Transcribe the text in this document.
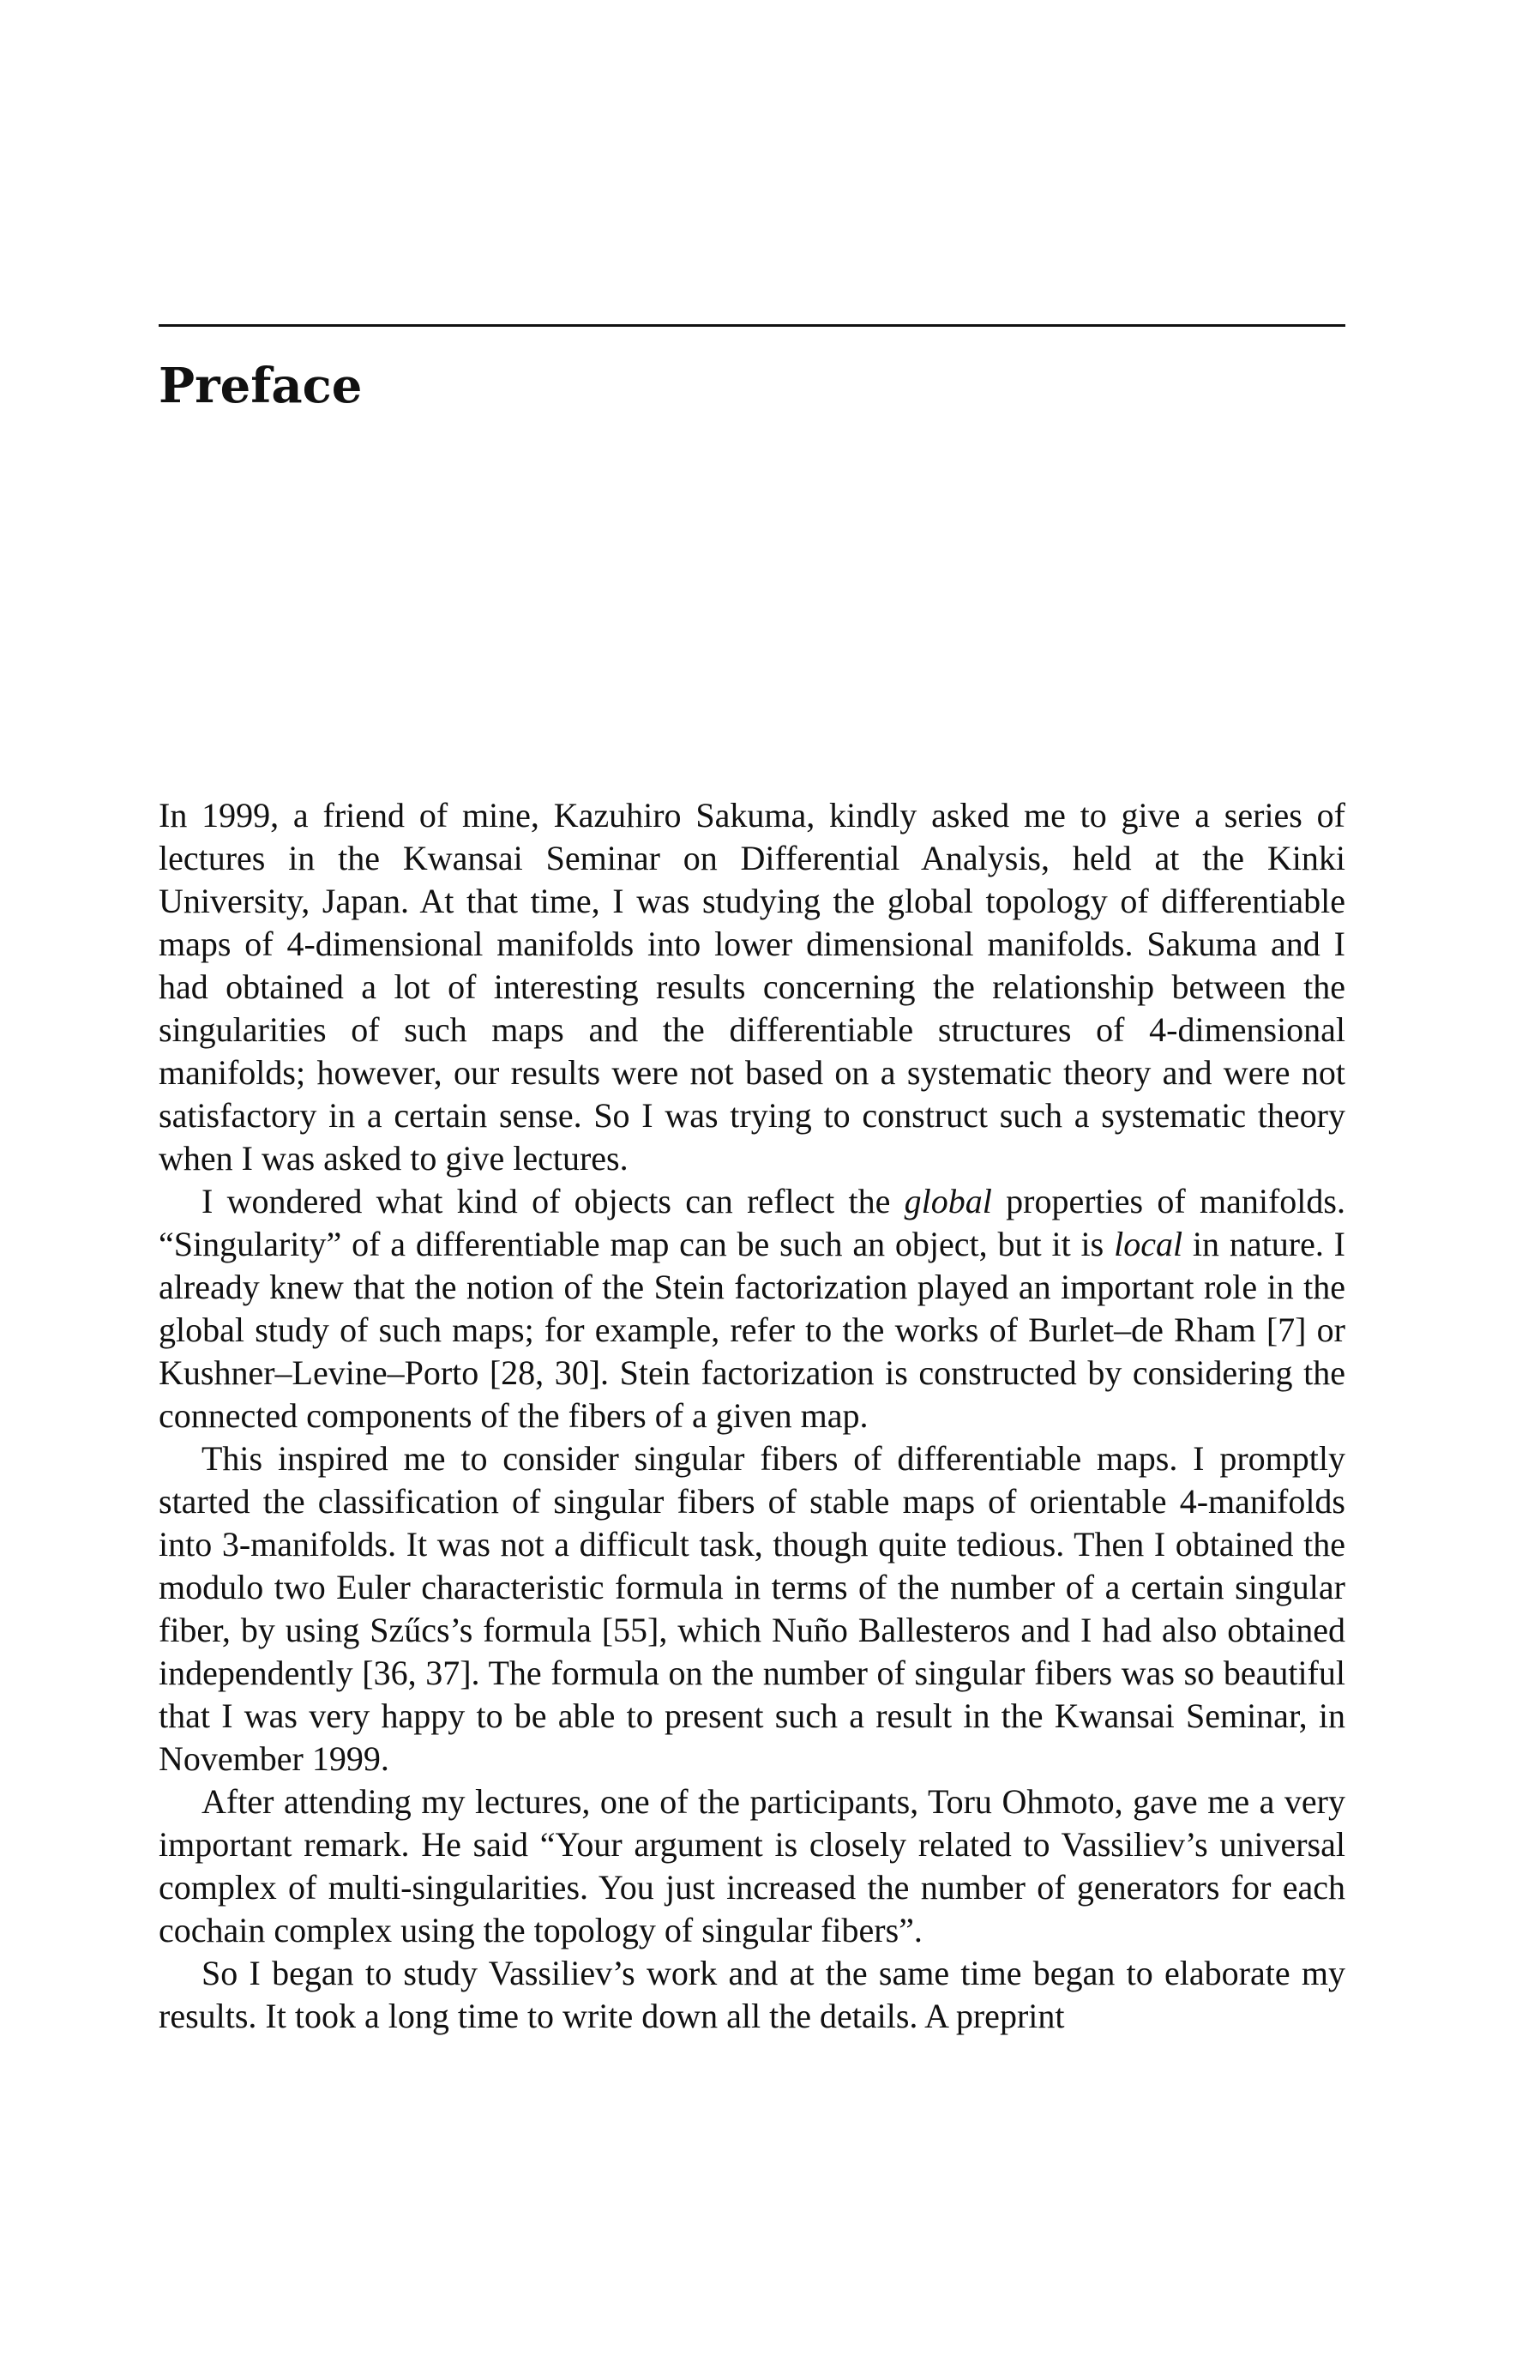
Preface

In 1999, a friend of mine, Kazuhiro Sakuma, kindly asked me to give a series of lectures in the Kwansai Seminar on Differential Analysis, held at the Kinki University, Japan. At that time, I was studying the global topology of differentiable maps of 4-dimensional manifolds into lower dimensional manifolds. Sakuma and I had obtained a lot of interesting results concerning the relationship between the singularities of such maps and the differentiable structures of 4-dimensional manifolds; however, our results were not based on a systematic theory and were not satisfactory in a certain sense. So I was trying to construct such a systematic theory when I was asked to give lectures.

I wondered what kind of objects can reflect the global properties of manifolds. “Singularity” of a differentiable map can be such an object, but it is local in nature. I already knew that the notion of the Stein factorization played an important role in the global study of such maps; for example, refer to the works of Burlet–de Rham [7] or Kushner–Levine–Porto [28, 30]. Stein factorization is constructed by considering the connected components of the fibers of a given map.

This inspired me to consider singular fibers of differentiable maps. I promptly started the classification of singular fibers of stable maps of orientable 4-manifolds into 3-manifolds. It was not a difficult task, though quite tedious. Then I obtained the modulo two Euler characteristic formula in terms of the number of a certain singular fiber, by using Szűcs’s formula [55], which Nuño Ballesteros and I had also obtained independently [36, 37]. The formula on the number of singular fibers was so beautiful that I was very happy to be able to present such a result in the Kwansai Seminar, in November 1999.

After attending my lectures, one of the participants, Toru Ohmoto, gave me a very important remark. He said “Your argument is closely related to Vassiliev’s universal complex of multi-singularities. You just increased the number of generators for each cochain complex using the topology of singular fibers”.

So I began to study Vassiliev’s work and at the same time began to elaborate my results. It took a long time to write down all the details. A preprint
